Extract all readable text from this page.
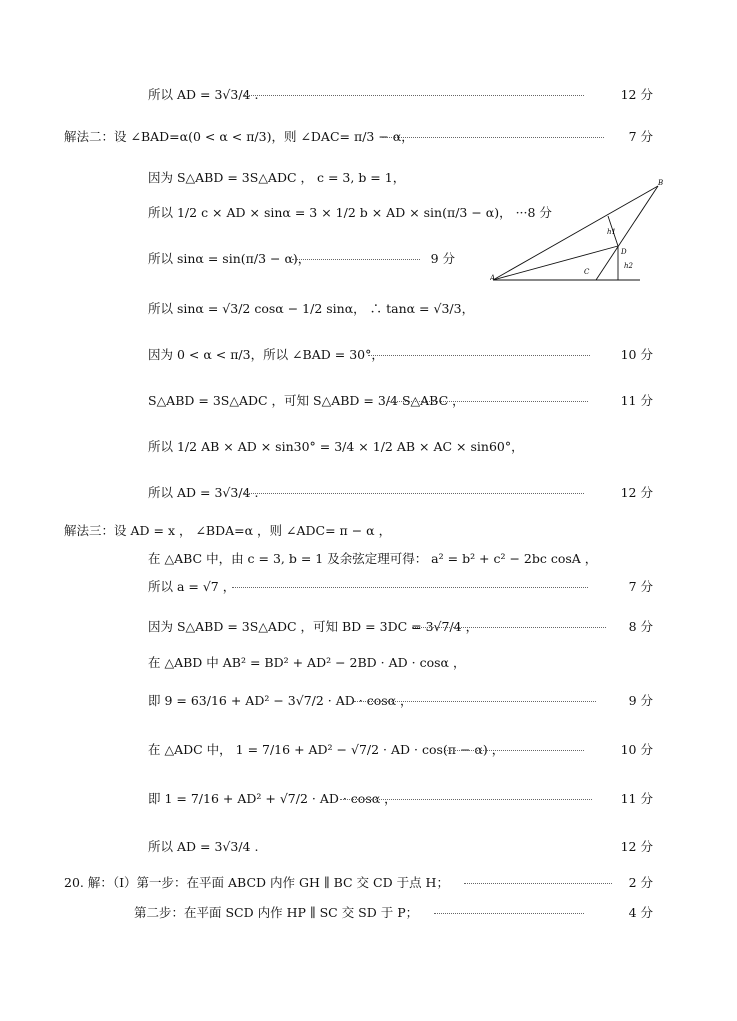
所以 AD = 3√3/4 .	12 分
解法二：设 ∠BAD=α(0 < α < π/3)，则 ∠DAC= π/3 − α，	7 分
因为 S△ABD = 3S△ADC ， c = 3, b = 1，
所以 1/2 c × AD × sinα = 3 × 1/2 b × AD × sin(π/3 − α)， ···8 分
所以 sinα = sin(π/3 − α)，	9 分
所以 sinα = √3/2 cosα − 1/2 sinα， ∴ tanα = √3/3，
因为 0 < α < π/3，所以 ∠BAD = 30°，	10 分
S△ABD = 3S△ADC ，可知 S△ABD = 3/4 S△ABC ，	11 分
所以 1/2 AB × AD × sin30° = 3/4 × 1/2 AB × AC × sin60°，
所以 AD = 3√3/4 .	12 分
解法三：设 AD = x ， ∠BDA=α ，则 ∠ADC= π − α ，
在 △ABC 中，由 c = 3, b = 1 及余弦定理可得： a² = b² + c² − 2bc cosA ，
所以 a = √7 ，	7 分
因为 S△ABD = 3S△ADC ，可知 BD = 3DC = 3√7/4 ，	8 分
在 △ABD 中 AB² = BD² + AD² − 2BD · AD · cosα ，
即 9 = 63/16 + AD² − 3√7/2 · AD · cosα ，	9 分
在 △ADC 中， 1 = 7/16 + AD² − √7/2 · AD · cos(π − α) ，	10 分
即 1 = 7/16 + AD² + √7/2 · AD · cosα ，	11 分
所以 AD = 3√3/4 .	12 分
20. 解：（Ⅰ）第一步：在平面 ABCD 内作 GH ∥ BC 交 CD 于点 H；	2 分
第二步：在平面 SCD 内作 HP ∥ SC 交 SD 于 P；	4 分
A
B
C
D
h1
h2
